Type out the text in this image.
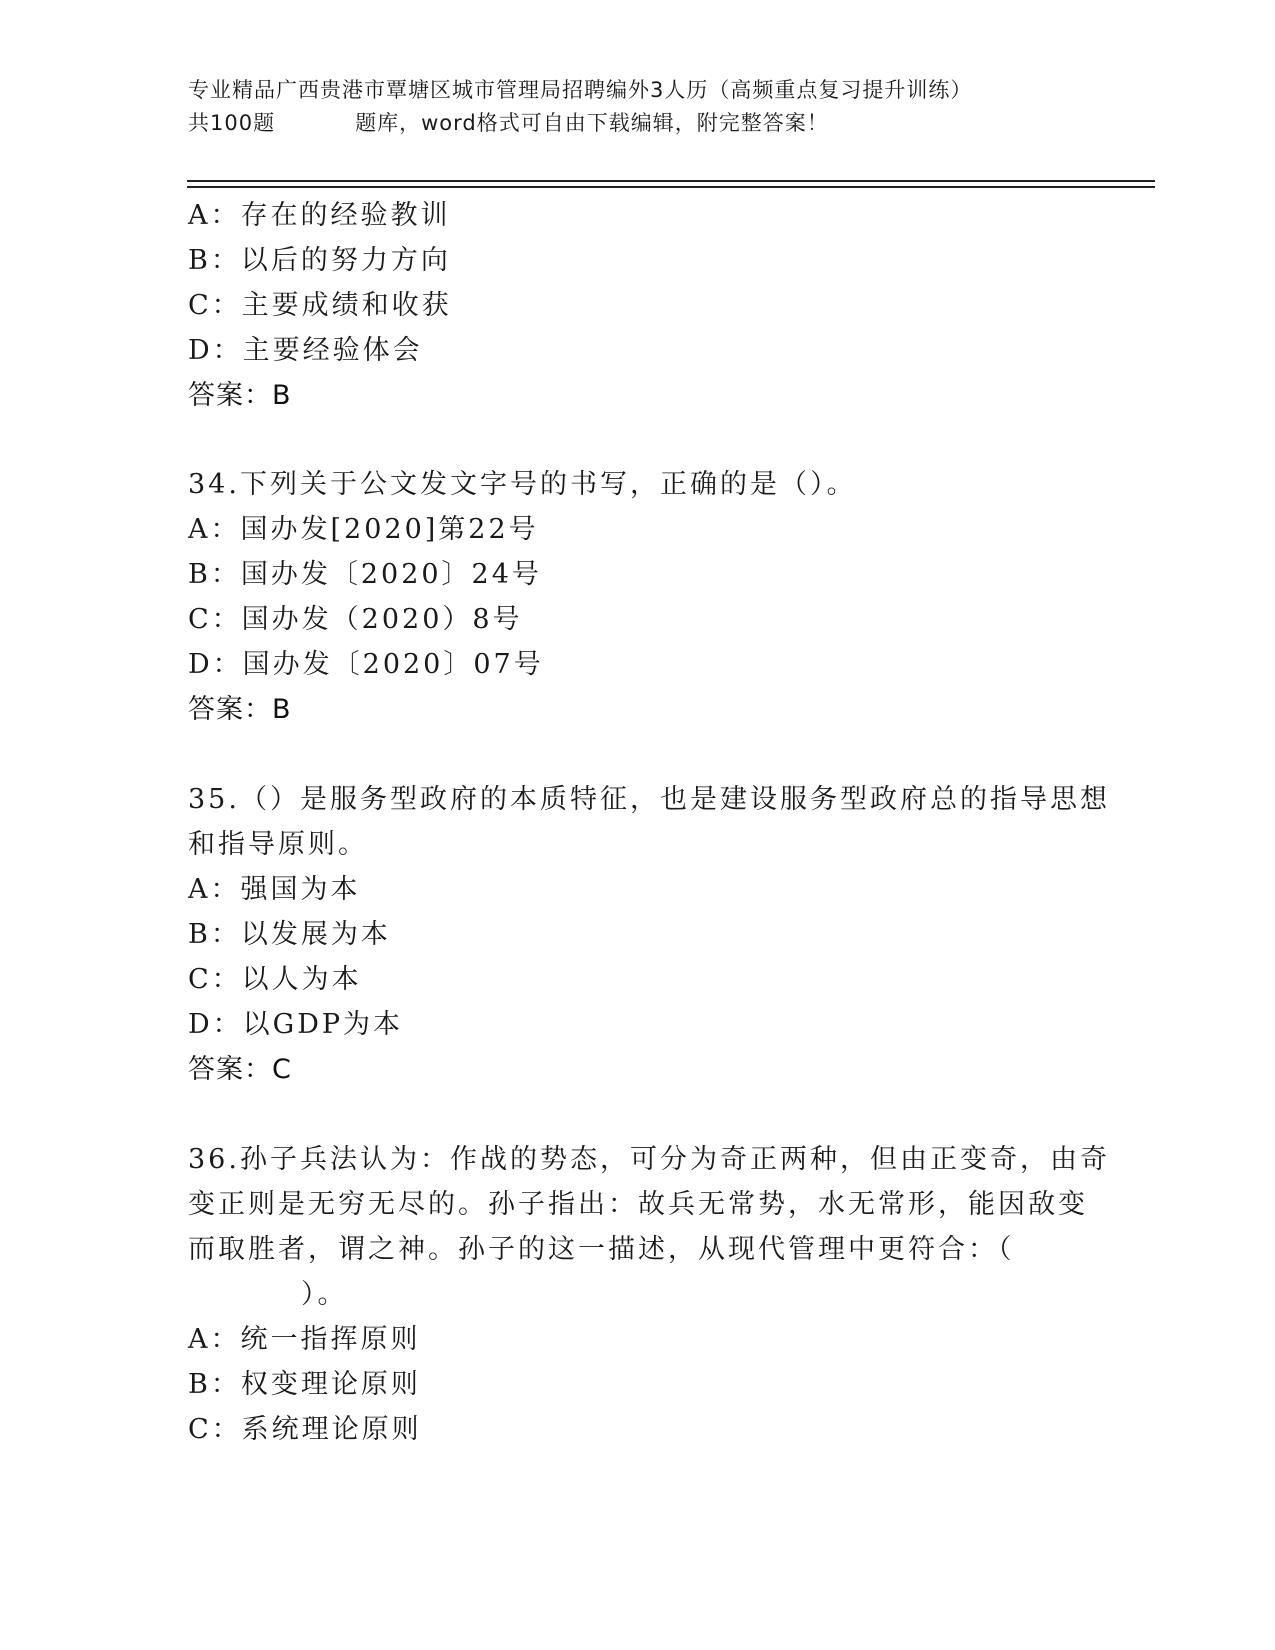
专业精品广西贵港市覃塘区城市管理局招聘编外3人历（高频重点复习提升训练）
共100题	题库，word格式可自由下载编辑，附完整答案！
A：存在的经验教训
B：以后的努力方向
C：主要成绩和收获
D：主要经验体会
答案：B
34.下列关于公文发文字号的书写，正确的是（）。
A：国办发[2020]第22号
B：国办发〔2020〕24号
C：国办发（2020）8号
D：国办发〔2020〕07号
答案：B
35.（）是服务型政府的本质特征，也是建设服务型政府总的指导思想
和指导原则。
A：强国为本
B：以发展为本
C：以人为本
D：以GDP为本
答案：C
36.孙子兵法认为：作战的势态，可分为奇正两种，但由正变奇，由奇
变正则是无穷无尽的。孙子指出：故兵无常势，水无常形，能因敌变
而取胜者，谓之神。孙子的这一描述，从现代管理中更符合：（
）。
A：统一指挥原则
B：权变理论原则
C：系统理论原则
